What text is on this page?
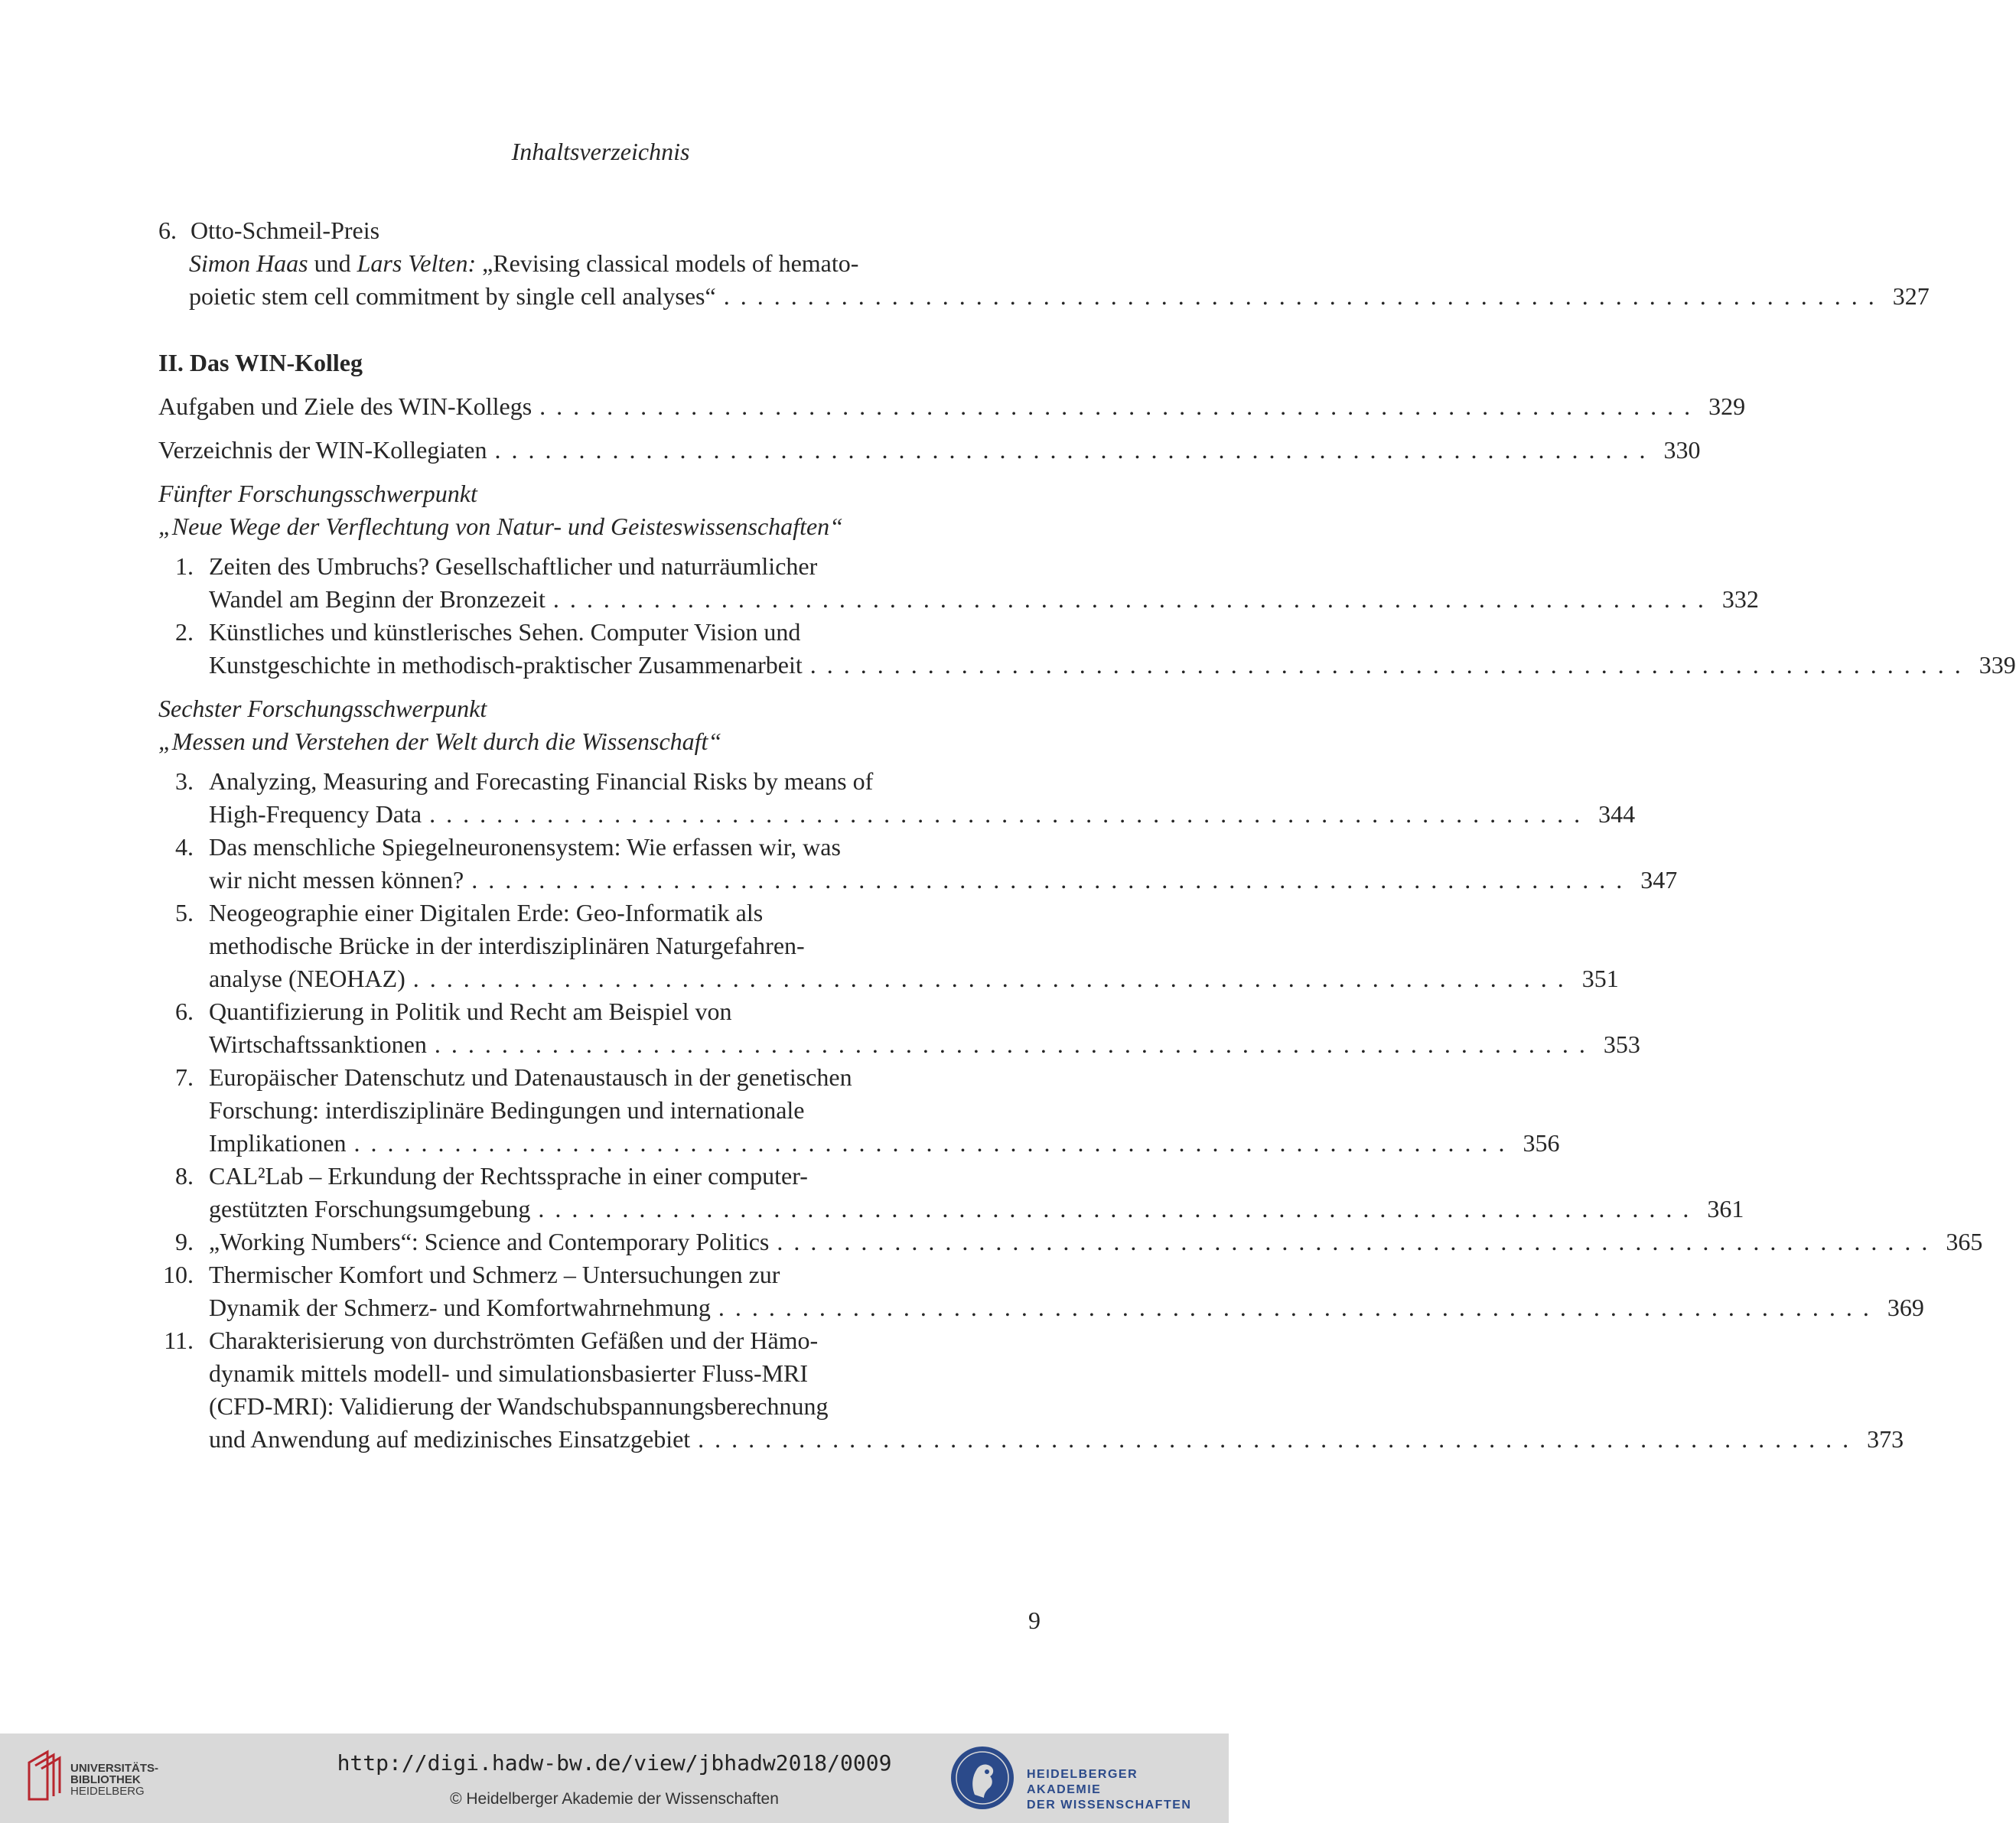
Inhaltsverzeichnis
6. Otto-Schmeil-Preis
Simon Haas und Lars Velten: „Revising classical models of hemato-
poietic stem cell commitment by single cell analyses“ . . . . . . . . . . . . . . . . . . . . . . . . . . . . . . . . . . . . . . . . . . . . . . . . . . . . . . . . . . . . . . . . . . . . . 327
II. Das WIN-Kolleg
Aufgaben und Ziele des WIN-Kollegs . . . . . . . . . . . . . . . . . . . . . . . . . . . . . . . . . . . . . . . . . . . . . . . . . . . . . . . . . . . . . . . . . . . . . 329
Verzeichnis der WIN-Kollegiaten . . . . . . . . . . . . . . . . . . . . . . . . . . . . . . . . . . . . . . . . . . . . . . . . . . . . . . . . . . . . . . . . . . . . . 330
Fünfter Forschungsschwerpunkt
„Neue Wege der Verflechtung von Natur- und Geisteswissenschaften“
1. Zeiten des Umbruchs? Gesellschaftlicher und naturräumlicher
Wandel am Beginn der Bronzezeit . . . . . . . . . . . . . . . . . . . . . . . . . . . . . . . . . . . . . . . . . . . . . . . . . . . . . . . . . . . . . . . . . . . . . 332
2. Künstliches und künstlerisches Sehen. Computer Vision und
Kunstgeschichte in methodisch-praktischer Zusammenarbeit . . . . . . . . . . . . . . . . . . . . . . . . . . . . . . . . . . . . . . . . . . . . . . . . . . . . . . . . . . . . . . . . . . . . . 339
Sechster Forschungsschwerpunkt
„Messen und Verstehen der Welt durch die Wissenschaft“
3. Analyzing, Measuring and Forecasting Financial Risks by means of
High-Frequency Data . . . . . . . . . . . . . . . . . . . . . . . . . . . . . . . . . . . . . . . . . . . . . . . . . . . . . . . . . . . . . . . . . . . . . 344
4. Das menschliche Spiegelneuronensystem: Wie erfassen wir, was
wir nicht messen können? . . . . . . . . . . . . . . . . . . . . . . . . . . . . . . . . . . . . . . . . . . . . . . . . . . . . . . . . . . . . . . . . . . . . . 347
5. Neogeographie einer Digitalen Erde: Geo-Informatik als
methodische Brücke in der interdisziplinären Naturgefahren-
analyse (NEOHAZ) . . . . . . . . . . . . . . . . . . . . . . . . . . . . . . . . . . . . . . . . . . . . . . . . . . . . . . . . . . . . . . . . . . . . . 351
6. Quantifizierung in Politik und Recht am Beispiel von
Wirtschaftssanktionen . . . . . . . . . . . . . . . . . . . . . . . . . . . . . . . . . . . . . . . . . . . . . . . . . . . . . . . . . . . . . . . . . . . . . 353
7. Europäischer Datenschutz und Datenaustausch in der genetischen
Forschung: interdisziplinäre Bedingungen und internationale
Implikationen . . . . . . . . . . . . . . . . . . . . . . . . . . . . . . . . . . . . . . . . . . . . . . . . . . . . . . . . . . . . . . . . . . . . . 356
8. CAL²Lab – Erkundung der Rechtssprache in einer computer-
gestützten Forschungsumgebung . . . . . . . . . . . . . . . . . . . . . . . . . . . . . . . . . . . . . . . . . . . . . . . . . . . . . . . . . . . . . . . . . . . . . 361
9. „Working Numbers“: Science and Contemporary Politics . . . . . . . . . . . . . . . . . . . . . . . . . . . . . . . . . . . . . . . . . . . . . . . . . . . . . . . . . . . . . . . . . . . . . 365
10. Thermischer Komfort und Schmerz – Untersuchungen zur
Dynamik der Schmerz- und Komfortwahrnehmung . . . . . . . . . . . . . . . . . . . . . . . . . . . . . . . . . . . . . . . . . . . . . . . . . . . . . . . . . . . . . . . . . . . . . 369
11. Charakterisierung von durchströmten Gefäßen und der Hämo-
dynamik mittels modell- und simulationsbasierter Fluss-MRI
(CFD-MRI): Validierung der Wandschubspannungsberechnung
und Anwendung auf medizinisches Einsatzgebiet . . . . . . . . . . . . . . . . . . . . . . . . . . . . . . . . . . . . . . . . . . . . . . . . . . . . . . . . . . . . . . . . . . . . . 373
9
UNIVERSITÄTS-
BIBLIOTHEK
HEIDELBERG
http://digi.hadw-bw.de/view/jbhadw2018/0009
© Heidelberger Akademie der Wissenschaften
HEIDELBERGER AKADEMIE
DER WISSENSCHAFTEN
